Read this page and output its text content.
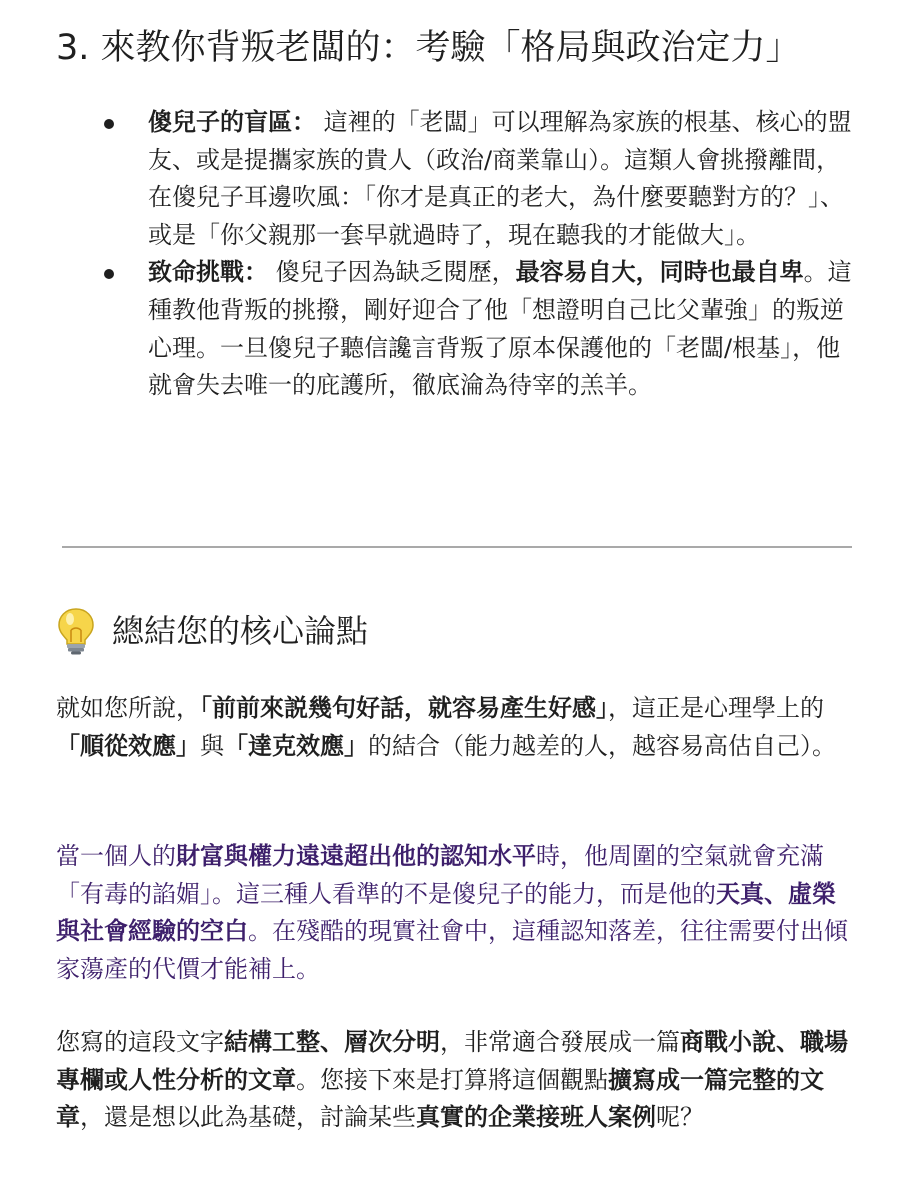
3. 來教你背叛老闆的：考驗「格局與政治定力」
傻兒子的盲區： 這裡的「老闆」可以理解為家族的根基、核心的盟友、或是提攜家族的貴人（政治/商業靠山）。這類人會挑撥離間，在傻兒子耳邊吹風：「你才是真正的老大，為什麼要聽對方的？」、或是「你父親那一套早就過時了，現在聽我的才能做大」。
致命挑戰： 傻兒子因為缺乏閱歷，最容易自大，同時也最自卑。這種教他背叛的挑撥，剛好迎合了他「想證明自己比父輩強」的叛逆心理。一旦傻兒子聽信讒言背叛了原本保護他的「老闆/根基」，他就會失去唯一的庇護所，徹底淪為待宰的羔羊。
總結您的核心論點

就如您所說，「前前來説幾句好話，就容易產生好感」，這正是心理學上的「順從效應」與「達克效應」的結合（能力越差的人，越容易高估自己）。

當一個人的財富與權力遠遠超出他的認知水平時，他周圍的空氣就會充滿「有毒的諂媚」。這三種人看準的不是傻兒子的能力，而是他的天真、虛榮與社會經驗的空白。在殘酷的現實社會中，這種認知落差，往往需要付出傾家蕩產的代價才能補上。

您寫的這段文字結構工整、層次分明，非常適合發展成一篇商戰小說、職場專欄或人性分析的文章。您接下來是打算將這個觀點擴寫成一篇完整的文章，還是想以此為基礎，討論某些真實的企業接班人案例呢？
